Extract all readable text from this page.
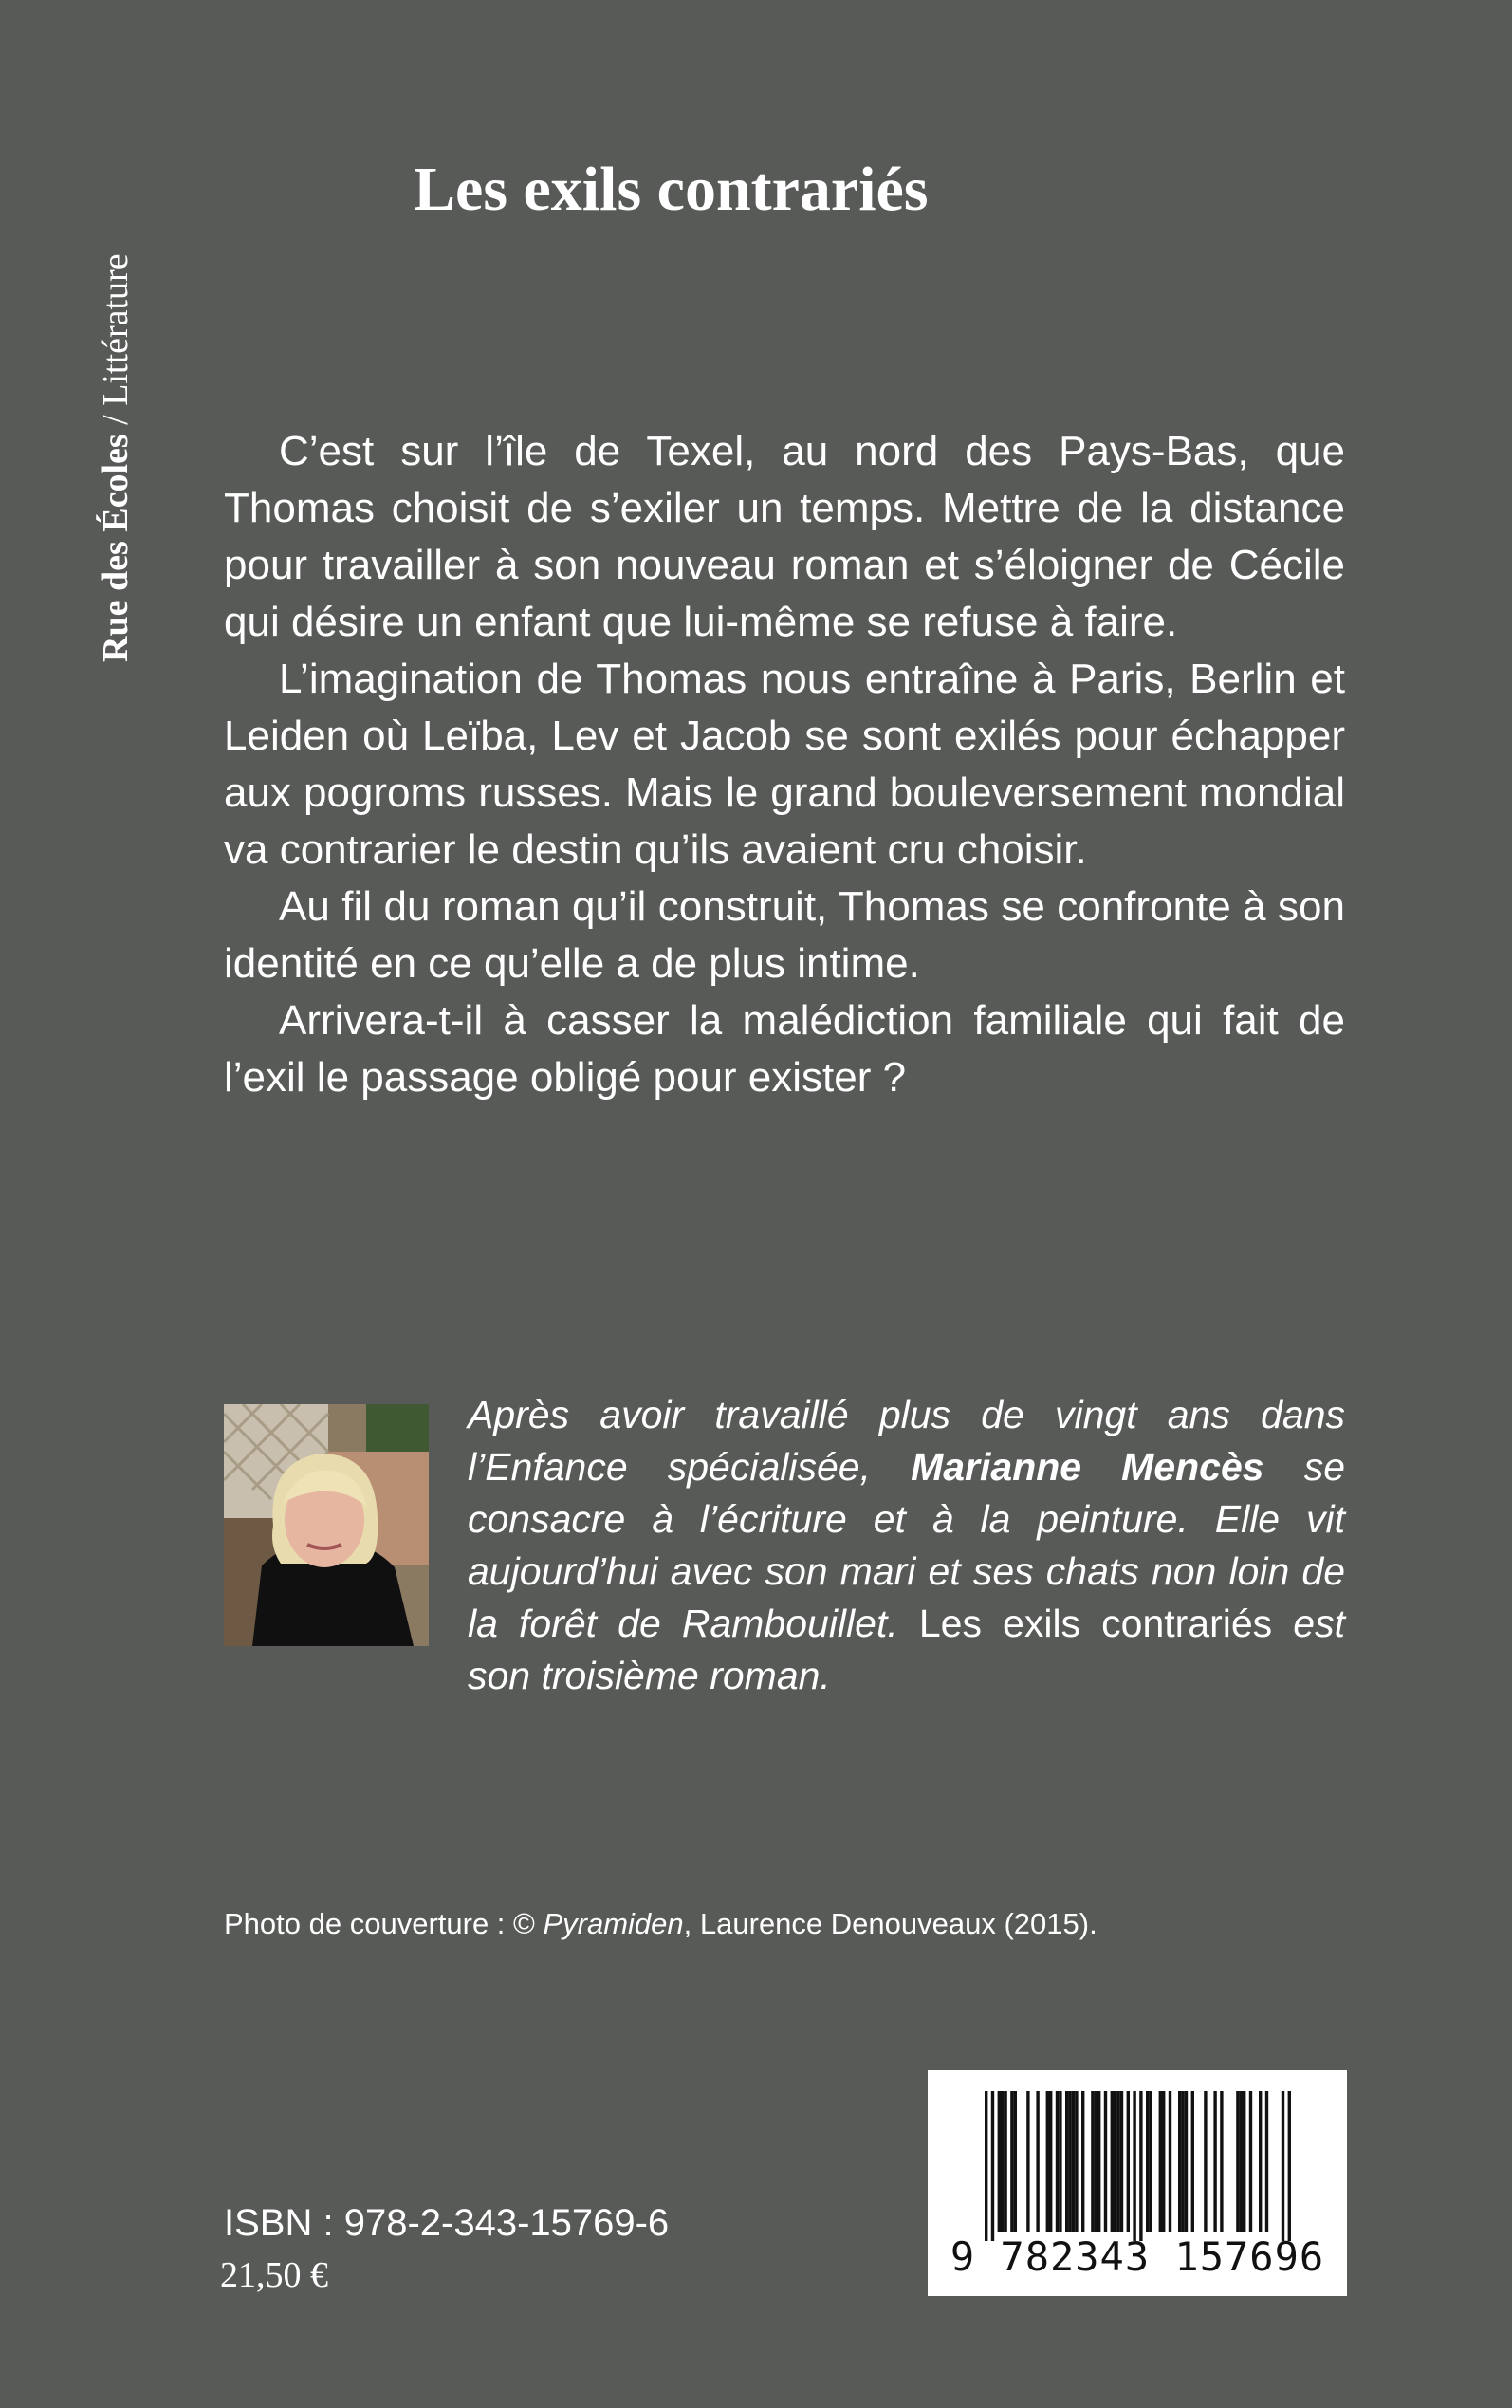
Rue des Écoles / Littérature
Les exils contrariés

C’est sur l’île de Texel, au nord des Pays-Bas, que Thomas choisit de s’exiler un temps. Mettre de la distance pour travailler à son nouveau roman et s’éloigner de Cécile qui désire un enfant que lui-même se refuse à faire.

L’imagination de Thomas nous entraîne à Paris, Berlin et Leiden où Leïba, Lev et Jacob se sont exilés pour échapper aux pogroms russes. Mais le grand bouleversement mondial va contrarier le destin qu’ils avaient cru choisir.

Au fil du roman qu’il construit, Thomas se confronte à son identité en ce qu’elle a de plus intime.

Arrivera-t-il à casser la malédiction familiale qui fait de l’exil le passage obligé pour exister ?

Après avoir travaillé plus de vingt ans dans l’Enfance spécialisée, Marianne Mencès se consacre à l’écriture et à la peinture. Elle vit aujourd’hui avec son mari et ses chats non loin de la forêt de Rambouillet. Les exils contrariés est son troisième roman.
Photo de couverture : © Pyramiden, Laurence Denouveaux (2015).
ISBN : 978-2-343-15769-6
21,50 €	9 782343 157696
